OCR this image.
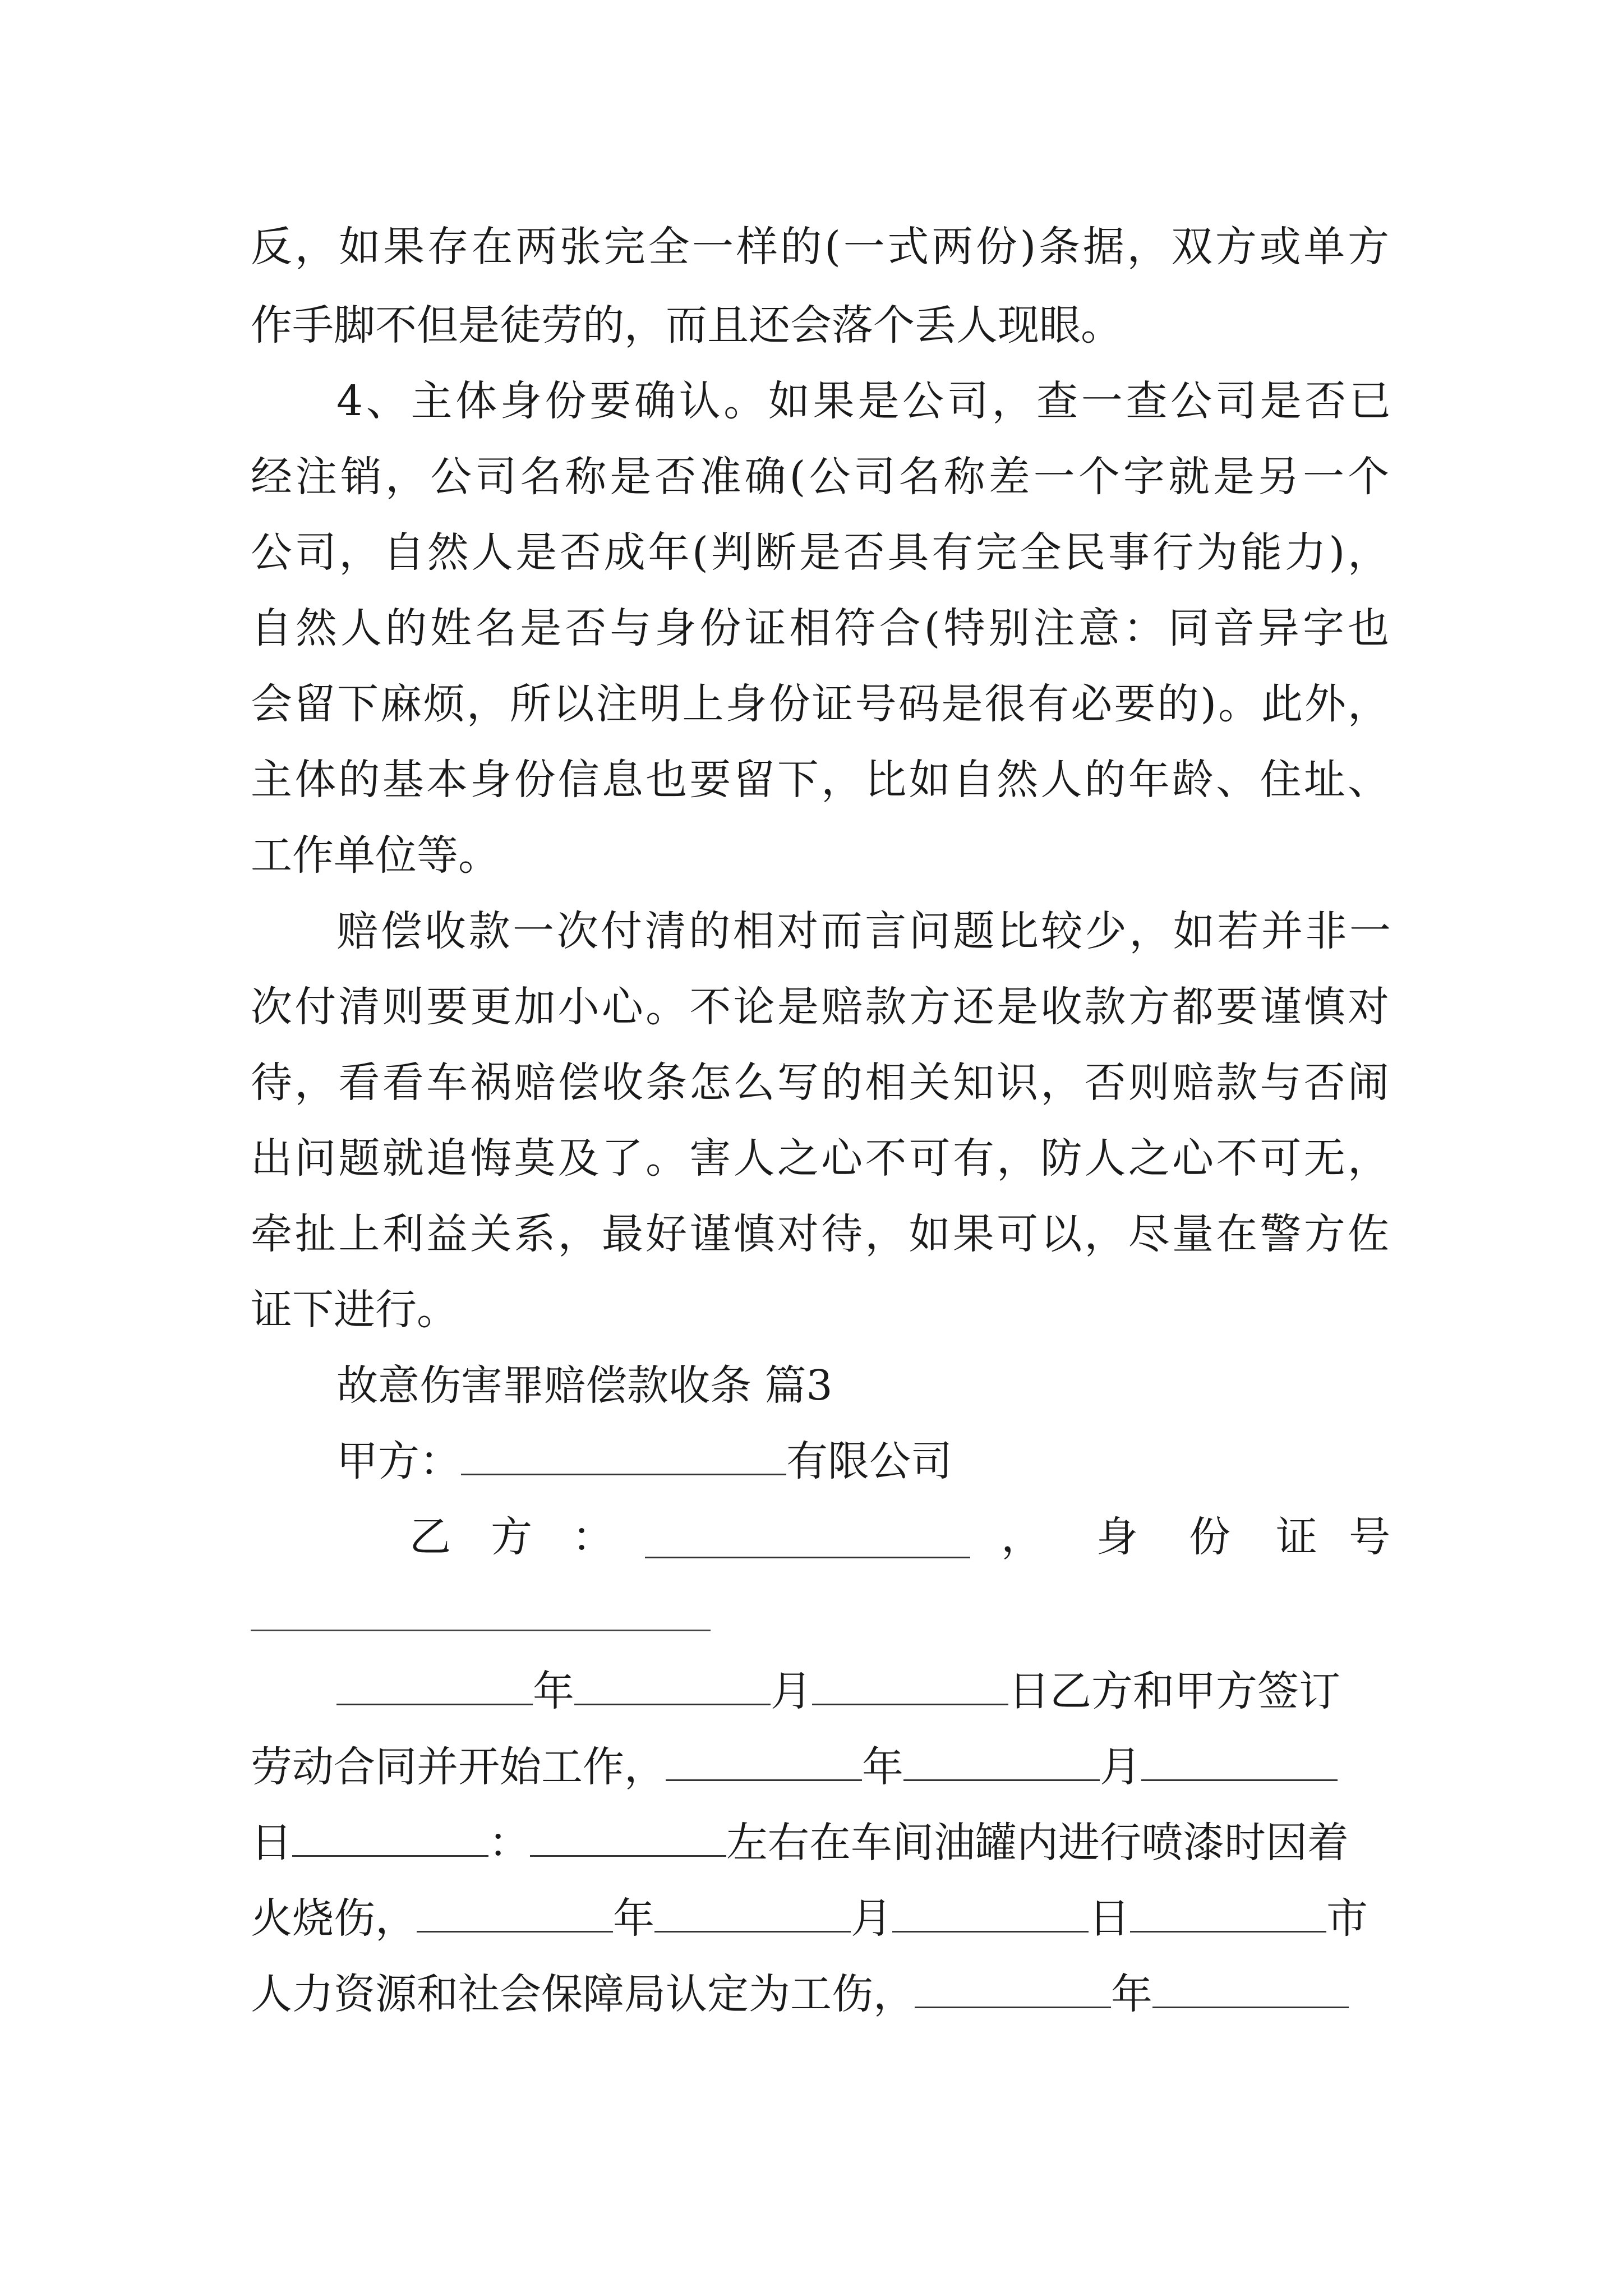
反，如果存在两张完全一样的(一式两份)条据，双方或单方
作手脚不但是徒劳的，而且还会落个丢人现眼。
4、主体身份要确认。如果是公司，查一查公司是否已
经注销，公司名称是否准确(公司名称差一个字就是另一个
公司，自然人是否成年(判断是否具有完全民事行为能力)，
自然人的姓名是否与身份证相符合(特别注意：同音异字也
会留下麻烦，所以注明上身份证号码是很有必要的)。此外，
主体的基本身份信息也要留下，比如自然人的年龄、住址、
工作单位等。
赔偿收款一次付清的相对而言问题比较少，如若并非一
次付清则要更加小心。不论是赔款方还是收款方都要谨慎对
待，看看车祸赔偿收条怎么写的相关知识，否则赔款与否闹
出问题就追悔莫及了。害人之心不可有，防人之心不可无，
牵扯上利益关系，最好谨慎对待，如果可以，尽量在警方佐
证下进行。
故意伤害罪赔偿款收条 篇3
甲方：	有限公司
乙 方 ：	， 身 份 证 号
年	月	日乙方和甲方签订
劳动合同并开始工作，	年	月
日	：	左右在车间油罐内进行喷漆时因着
火烧伤，	年	月	日	市
人力资源和社会保障局认定为工伤，	年
